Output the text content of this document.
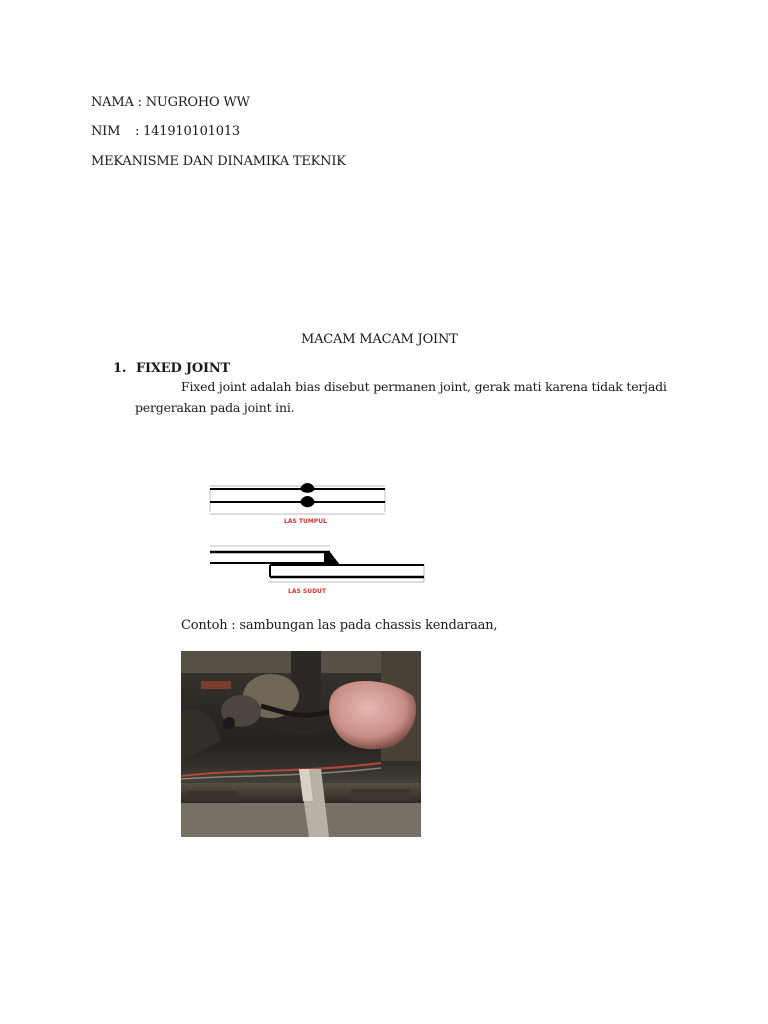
NAMA : NUGROHO WW
NIM : 141910101013
MEKANISME DAN DINAMIKA TEKNIK
MACAM MACAM JOINT
1. FIXED JOINT
Fixed joint adalah bias disebut permanen joint, gerak mati karena tidak terjadi
pergerakan pada joint ini.
LAS TUMPUL
LAS SUDUT
Contoh : sambungan las pada chassis kendaraan,
